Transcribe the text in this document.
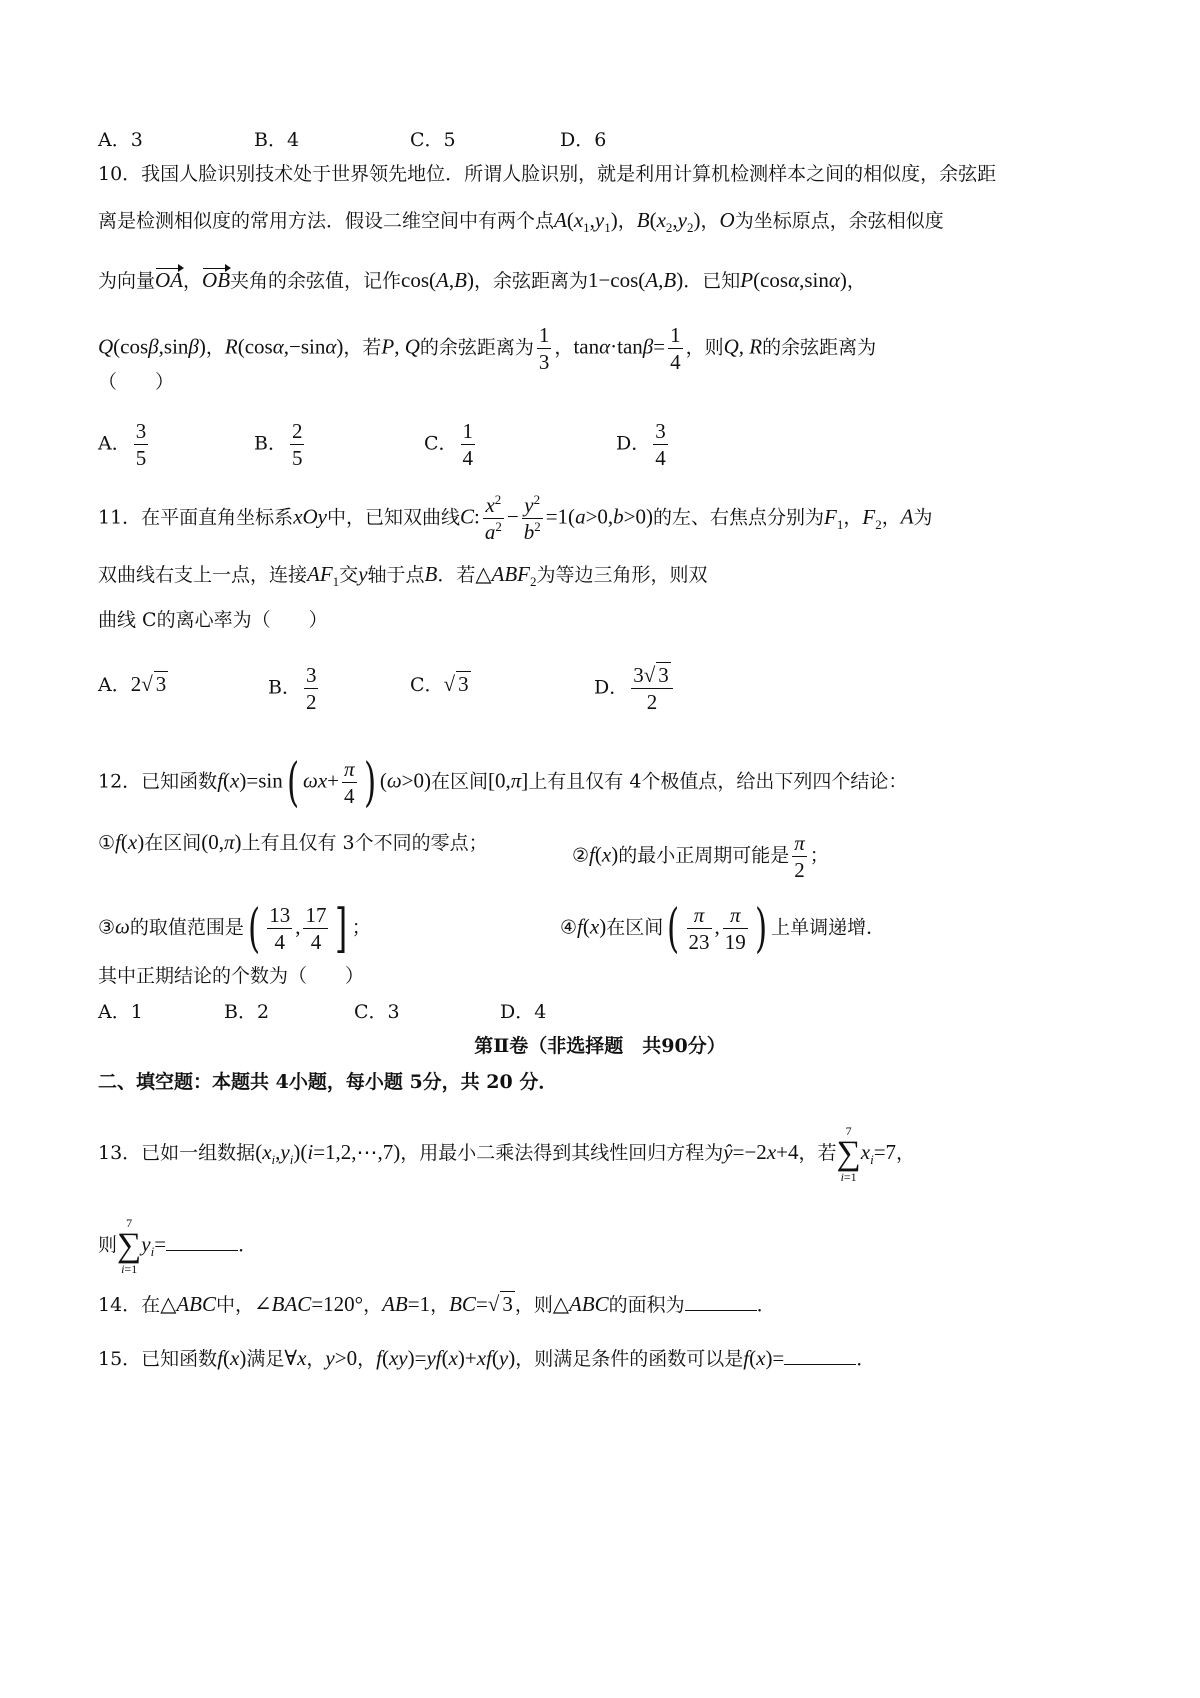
A．3	B．4	C．5	D．6
10．我国人脸识别技术处于世界领先地位．所谓人脸识别，就是利用计算机检测样本之间的相似度，余弦距
离是检测相似度的常用方法．假设二维空间中有两个点$A(x_1,y_1)$，$B(x_2,y_2)$，O为坐标原点，余弦相似度
为向量OA，OB夹角的余弦值，记作cos(A,B)，余弦距离为1−cos(A,B)．已知P(cosα,sinα)，
Q(cosβ,sinβ)，R(cosα,−sinα)，若P, Q的余弦距离为 $\frac{1}{3}$ ，$\tan\alpha\cdot\tan\beta= \frac{1}{4}$ ，则Q, R的余弦距离为
（　　）
A． $\frac{3}{5}$	B． $\frac{2}{5}$	C． $\frac{1}{4}$	D． $\frac{3}{4}$
11．在平面直角坐标系xOy中，已知双曲线C: $\frac{x^2}{a^2} - \frac{y^2}{b^2} =1(a>0,b>0)$的左、右焦点分别为$F_1$，$F_2$，A为
双曲线右支上一点，连接$AF_1$交y轴于点B．若$\triangle ABF_2$为等边三角形，则双
曲线 C的离心率为（　　）
A．2√ 3	B． $\frac{3}{2}$	C．√ 3	D． $\frac{3√ 3}{2}$
12．已知函数f(x)=sin( $\omega x+ \frac{\pi}{4}$ ) (ω>0)在区间[0,π]上有且仅有 4个极值点，给出下列四个结论：
①f(x)在区间(0,π)上有且仅有 3个不同的零点；
②f(x)的最小正周期可能是 $\frac{\pi}{2}$ ；
③ω的取值范围是( $\frac{13}{4}$ , $\frac{17}{4}$ ] ；	④f(x)在区间( $\frac{\pi}{23}$ , $\frac{\pi}{19}$ ) 上单调递增．
其中正期结论的个数为（　　）
A．1	B．2	C．3	D．4
第Ⅱ卷（非选择题　共90分）
二、填空题：本题共 4小题，每小题 5分，共 20 分．
13．已如一组数据$(x_i,y_i)(i=1,2,\cdots,7)$，用最小二乘法得到其线性回归方程为ŷ=−2x+4，若
7
∑
i=1
$x_i=7$，
则
7
∑
i=1
$y_i=$	．
14．在△ABC中，∠BAC=120°，AB=1，BC=√ 3 ，则△ABC的面积为	．
15．已知函数f(x)满足∀x，y>0，f(xy)=yf(x)+xf(y)，则满足条件的函数可以是f(x)=	．
